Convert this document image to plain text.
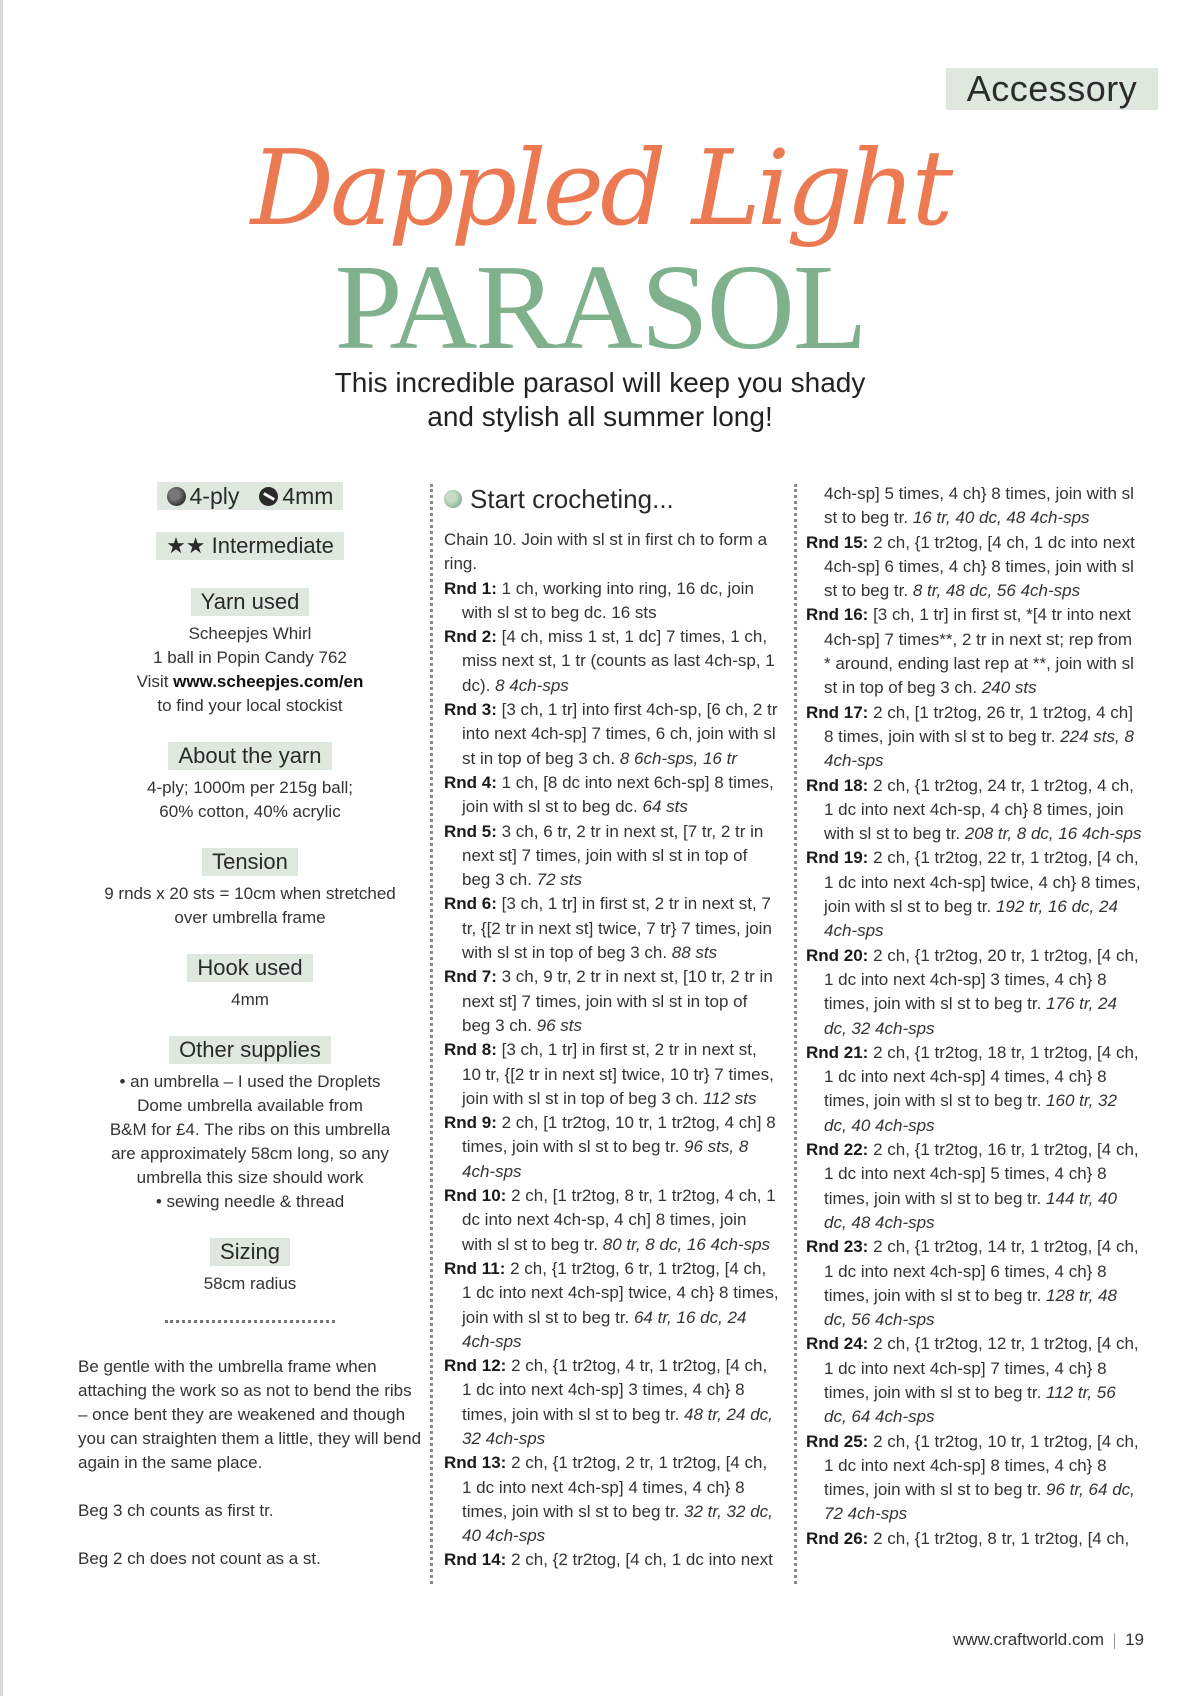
Accessory
Dappled Light
PARASOL
This incredible parasol will keep you shady
and stylish all summer long!
4-ply 4mm
★★ Intermediate
Yarn used
Scheepjes Whirl
1 ball in Popin Candy 762
Visit www.scheepjes.com/en
to find your local stockist
About the yarn
4-ply; 1000m per 215g ball;
60% cotton, 40% acrylic
Tension
9 rnds x 20 sts = 10cm when stretched
over umbrella frame
Hook used
4mm
Other supplies
• an umbrella – I used the Droplets
Dome umbrella available from
B&M for £4. The ribs on this umbrella
are approximately 58cm long, so any
umbrella this size should work
• sewing needle & thread
Sizing
58cm radius

Be gentle with the umbrella frame when attaching the work so as not to bend the ribs – once bent they are weakened and though you can straighten them a little, they will bend again in the same place.

Beg 3 ch counts as first tr.

Beg 2 ch does not count as a st.

Start crocheting...
Chain 10. Join with sl st in first ch to form a ring.
Rnd 1: 1 ch, working into ring, 16 dc, join with sl st to beg dc. 16 sts
Rnd 2: [4 ch, miss 1 st, 1 dc] 7 times, 1 ch, miss next st, 1 tr (counts as last 4ch-sp, 1 dc). 8 4ch-sps
Rnd 3: [3 ch, 1 tr] into first 4ch-sp, [6 ch, 2 tr into next 4ch-sp] 7 times, 6 ch, join with sl st in top of beg 3 ch. 8 6ch-sps, 16 tr
Rnd 4: 1 ch, [8 dc into next 6ch-sp] 8 times, join with sl st to beg dc. 64 sts
Rnd 5: 3 ch, 6 tr, 2 tr in next st, [7 tr, 2 tr in next st] 7 times, join with sl st in top of beg 3 ch. 72 sts
Rnd 6: [3 ch, 1 tr] in first st, 2 tr in next st, 7 tr, {[2 tr in next st] twice, 7 tr} 7 times, join with sl st in top of beg 3 ch. 88 sts
Rnd 7: 3 ch, 9 tr, 2 tr in next st, [10 tr, 2 tr in next st] 7 times, join with sl st in top of beg 3 ch. 96 sts
Rnd 8: [3 ch, 1 tr] in first st, 2 tr in next st, 10 tr, {[2 tr in next st] twice, 10 tr} 7 times, join with sl st in top of beg 3 ch. 112 sts
Rnd 9: 2 ch, [1 tr2tog, 10 tr, 1 tr2tog, 4 ch] 8 times, join with sl st to beg tr. 96 sts, 8 4ch-sps
Rnd 10: 2 ch, [1 tr2tog, 8 tr, 1 tr2tog, 4 ch, 1 dc into next 4ch-sp, 4 ch] 8 times, join with sl st to beg tr. 80 tr, 8 dc, 16 4ch-sps
Rnd 11: 2 ch, {1 tr2tog, 6 tr, 1 tr2tog, [4 ch, 1 dc into next 4ch-sp] twice, 4 ch} 8 times, join with sl st to beg tr. 64 tr, 16 dc, 24 4ch-sps
Rnd 12: 2 ch, {1 tr2tog, 4 tr, 1 tr2tog, [4 ch, 1 dc into next 4ch-sp] 3 times, 4 ch} 8 times, join with sl st to beg tr. 48 tr, 24 dc, 32 4ch-sps
Rnd 13: 2 ch, {1 tr2tog, 2 tr, 1 tr2tog, [4 ch, 1 dc into next 4ch-sp] 4 times, 4 ch} 8 times, join with sl st to beg tr. 32 tr, 32 dc, 40 4ch-sps
Rnd 14: 2 ch, {2 tr2tog, [4 ch, 1 dc into next
4ch-sp] 5 times, 4 ch} 8 times, join with sl st to beg tr. 16 tr, 40 dc, 48 4ch-sps
Rnd 15: 2 ch, {1 tr2tog, [4 ch, 1 dc into next 4ch-sp] 6 times, 4 ch} 8 times, join with sl st to beg tr. 8 tr, 48 dc, 56 4ch-sps
Rnd 16: [3 ch, 1 tr] in first st, *[4 tr into next 4ch-sp] 7 times**, 2 tr in next st; rep from * around, ending last rep at **, join with sl st in top of beg 3 ch. 240 sts
Rnd 17: 2 ch, [1 tr2tog, 26 tr, 1 tr2tog, 4 ch] 8 times, join with sl st to beg tr. 224 sts, 8 4ch-sps
Rnd 18: 2 ch, {1 tr2tog, 24 tr, 1 tr2tog, 4 ch, 1 dc into next 4ch-sp, 4 ch} 8 times, join with sl st to beg tr. 208 tr, 8 dc, 16 4ch-sps
Rnd 19: 2 ch, {1 tr2tog, 22 tr, 1 tr2tog, [4 ch, 1 dc into next 4ch-sp] twice, 4 ch} 8 times, join with sl st to beg tr. 192 tr, 16 dc, 24 4ch-sps
Rnd 20: 2 ch, {1 tr2tog, 20 tr, 1 tr2tog, [4 ch, 1 dc into next 4ch-sp] 3 times, 4 ch} 8 times, join with sl st to beg tr. 176 tr, 24 dc, 32 4ch-sps
Rnd 21: 2 ch, {1 tr2tog, 18 tr, 1 tr2tog, [4 ch, 1 dc into next 4ch-sp] 4 times, 4 ch} 8 times, join with sl st to beg tr. 160 tr, 32 dc, 40 4ch-sps
Rnd 22: 2 ch, {1 tr2tog, 16 tr, 1 tr2tog, [4 ch, 1 dc into next 4ch-sp] 5 times, 4 ch} 8 times, join with sl st to beg tr. 144 tr, 40 dc, 48 4ch-sps
Rnd 23: 2 ch, {1 tr2tog, 14 tr, 1 tr2tog, [4 ch, 1 dc into next 4ch-sp] 6 times, 4 ch} 8 times, join with sl st to beg tr. 128 tr, 48 dc, 56 4ch-sps
Rnd 24: 2 ch, {1 tr2tog, 12 tr, 1 tr2tog, [4 ch, 1 dc into next 4ch-sp] 7 times, 4 ch} 8 times, join with sl st to beg tr. 112 tr, 56 dc, 64 4ch-sps
Rnd 25: 2 ch, {1 tr2tog, 10 tr, 1 tr2tog, [4 ch, 1 dc into next 4ch-sp] 8 times, 4 ch} 8 times, join with sl st to beg tr. 96 tr, 64 dc, 72 4ch-sps
Rnd 26: 2 ch, {1 tr2tog, 8 tr, 1 tr2tog, [4 ch,
www.craftworld.com 19
